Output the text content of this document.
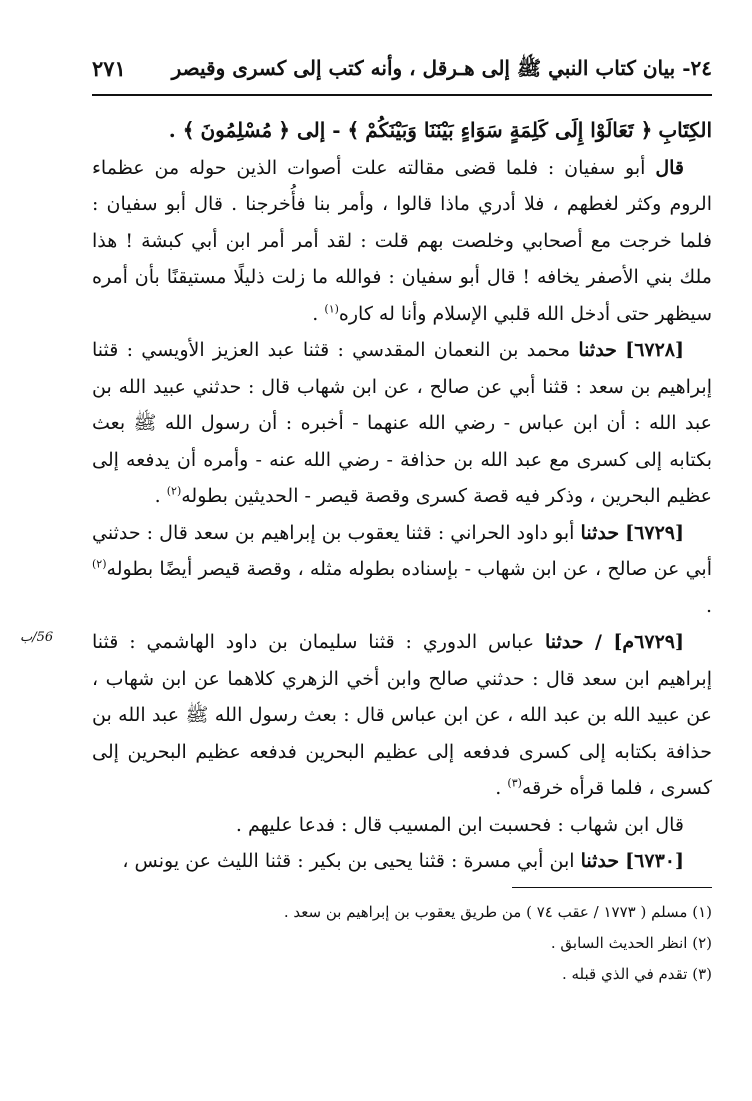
٢٤- بيان كتاب النبي ﷺ إلى هـرقل ، وأنه كتب إلى كسرى وقيصر
٢٧١
56/ب

الكِتَابِ ﴿ تَعَالَوْا إِلَى كَلِمَةٍ سَوَاءٍ بَيْنَنَا وَبَيْنَكُمْ ﴾ - إلى ﴿ مُسْلِمُونَ ﴾ .

قال أبو سفيان : فلما قضى مقالته علت أصوات الذين حوله من عظماء الروم وكثر لغطهم ، فلا أدري ماذا قالوا ، وأمر بنا فأُخرجنا . قال أبو سفيان : فلما خرجت مع أصحابي وخلصت بهم قلت : لقد أمر أمر ابن أبي كبشة ! هذا ملك بني الأصفر يخافه ! قال أبو سفيان : فوالله ما زلت ذليلًا مستيقنًا بأن أمره سيظهر حتى أدخل الله قلبي الإسلام وأنا له كاره$^{(١)}$ .

[٦٧٢٨] حدثنا محمد بن النعمان المقدسي : قثنا عبد العزيز الأويسي : قثنا إبراهيم بن سعد : قثنا أبي عن صالح ، عن ابن شهاب قال : حدثني عبيد الله بن عبد الله : أن ابن عباس - رضي الله عنهما - أخبره : أن رسول الله ﷺ بعث بكتابه إلى كسرى مع عبد الله بن حذافة - رضي الله عنه - وأمره أن يدفعه إلى عظيم البحرين ، وذكر فيه قصة كسرى وقصة قيصر - الحديثين بطوله$^{(٢)}$ .

[٦٧٢٩] حدثنا أبو داود الحراني : قثنا يعقوب بن إبراهيم بن سعد قال : حدثني أبي عن صالح ، عن ابن شهاب - بإسناده بطوله مثله ، وقصة قيصر أيضًا بطوله$^{(٢)}$ .

[٦٧٢٩م] / حدثنا عباس الدوري : قثنا سليمان بن داود الهاشمي : قثنا إبراهيم ابن سعد قال : حدثني صالح وابن أخي الزهري كلاهما عن ابن شهاب ، عن عبيد الله بن عبد الله ، عن ابن عباس قال : بعث رسول الله ﷺ عبد الله بن حذافة بكتابه إلى كسرى فدفعه إلى عظيم البحرين فدفعه عظيم البحرين إلى كسرى ، فلما قرأه خرقه$^{(٣)}$ .

قال ابن شهاب : فحسبت ابن المسيب قال : فدعا عليهم .

[٦٧٣٠] حدثنا ابن أبي مسرة : قثنا يحيى بن بكير : قثنا الليث عن يونس ،

(١) مسلم ( ١٧٧٣ / عقب ٧٤ ) من طريق يعقوب بن إبراهيم بن سعد .

(٢) انظر الحديث السابق .

(٣) تقدم في الذي قبله .
